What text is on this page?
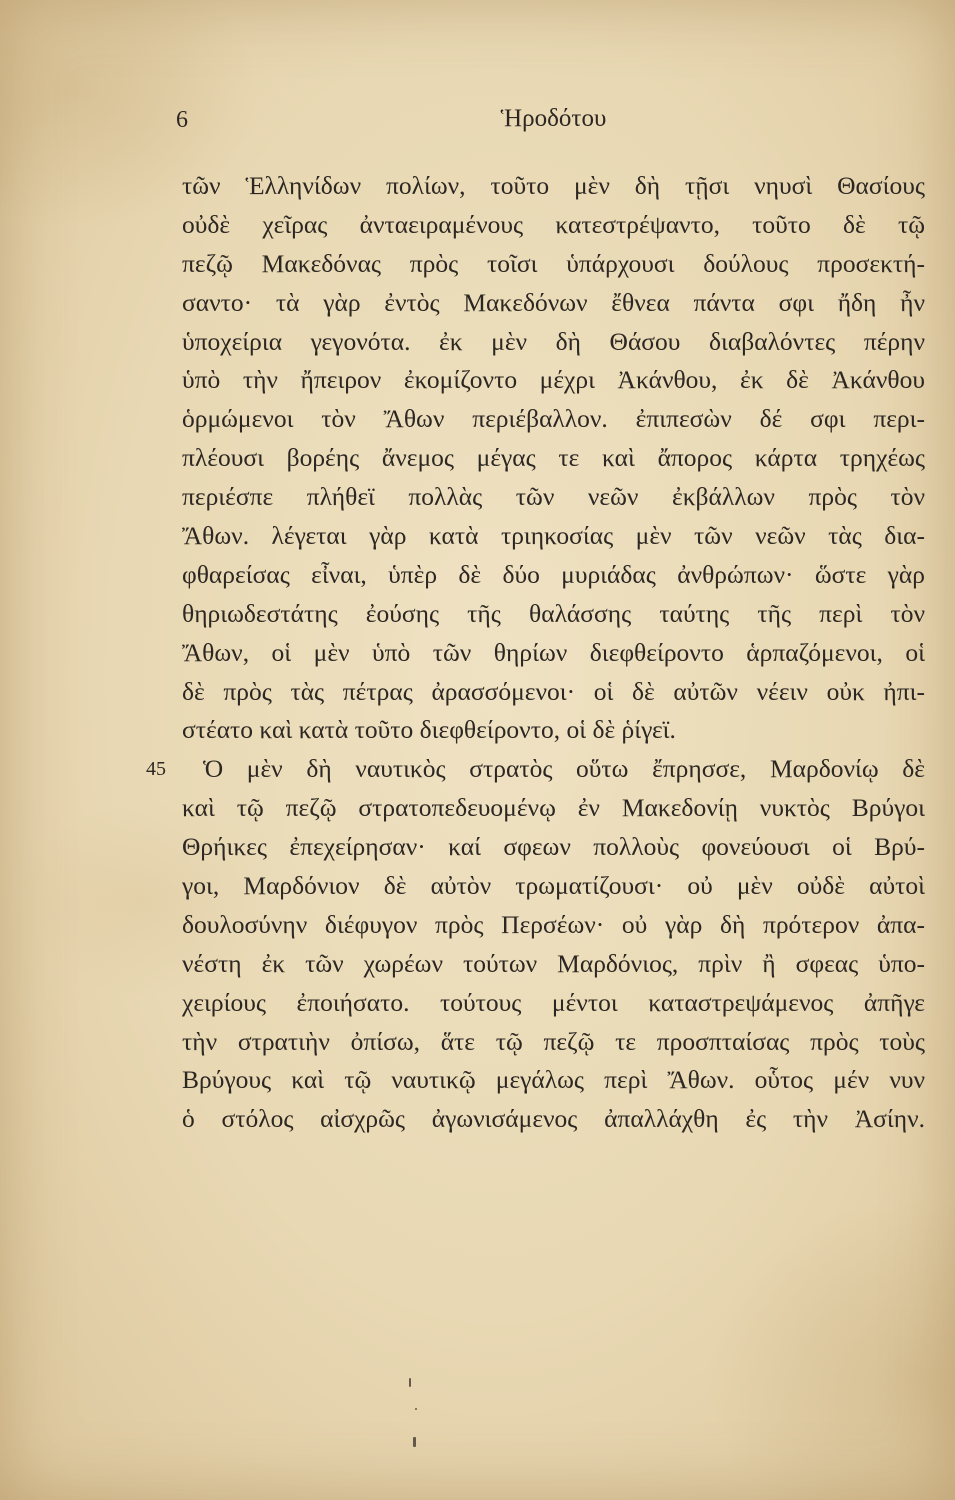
6	Ἡροδότου
45
τῶν Ἑλληνίδων πολίων, τοῦτο μὲν δὴ τῇσι νηυσὶ Θασίους
οὐδὲ χεῖρας ἀνταειραμένους κατεστρέψαντο, τοῦτο δὲ τῷ
πεζῷ Μακεδόνας πρὸς τοῖσι ὑπάρχουσι δούλους προσεκτή-
σαντο· τὰ γὰρ ἐντὸς Μακεδόνων ἔθνεα πάντα σφι ἤδη ἦν
ὑποχείρια γεγονότα. ἐκ μὲν δὴ Θάσου διαβαλόντες πέρην
ὑπὸ τὴν ἤπειρον ἐκομίζοντο μέχρι Ἀκάνθου, ἐκ δὲ Ἀκάνθου
ὁρμώμενοι τὸν Ἄθων περιέβαλλον. ἐπιπεσὼν δέ σφι περι-
πλέουσι βορέης ἄνεμος μέγας τε καὶ ἄπορος κάρτα τρηχέως
περιέσπε πλήθεϊ πολλὰς τῶν νεῶν ἐκβάλλων πρὸς τὸν
Ἄθων. λέγεται γὰρ κατὰ τριηκοσίας μὲν τῶν νεῶν τὰς δια-
φθαρείσας εἶναι, ὑπὲρ δὲ δύο μυριάδας ἀνθρώπων· ὥστε γὰρ
θηριωδεστάτης ἐούσης τῆς θαλάσσης ταύτης τῆς περὶ τὸν
Ἄθων, οἱ μὲν ὑπὸ τῶν θηρίων διεφθείροντο ἁρπαζόμενοι, οἱ
δὲ πρὸς τὰς πέτρας ἀρασσόμενοι· οἱ δὲ αὐτῶν νέειν οὐκ ἠπι-
στέατο καὶ κατὰ τοῦτο διεφθείροντο, οἱ δὲ ῥίγεϊ.
Ὁ μὲν δὴ ναυτικὸς στρατὸς οὕτω ἔπρησσε, Μαρδονίῳ δὲ
καὶ τῷ πεζῷ στρατοπεδευομένῳ ἐν Μακεδονίῃ νυκτὸς Βρύγοι
Θρήικες ἐπεχείρησαν· καί σφεων πολλοὺς φονεύουσι οἱ Βρύ-
γοι, Μαρδόνιον δὲ αὐτὸν τρωματίζουσι· οὐ μὲν οὐδὲ αὐτοὶ
δουλοσύνην διέφυγον πρὸς Περσέων· οὐ γὰρ δὴ πρότερον ἀπα-
νέστη ἐκ τῶν χωρέων τούτων Μαρδόνιος, πρὶν ἢ σφεας ὑπο-
χειρίους ἐποιήσατο. τούτους μέντοι καταστρεψάμενος ἀπῆγε
τὴν στρατιὴν ὀπίσω, ἅτε τῷ πεζῷ τε προσπταίσας πρὸς τοὺς
Βρύγους καὶ τῷ ναυτικῷ μεγάλως περὶ Ἄθων. οὗτος μέν νυν
ὁ στόλος αἰσχρῶς ἀγωνισάμενος ἀπαλλάχθη ἐς τὴν Ἀσίην.
